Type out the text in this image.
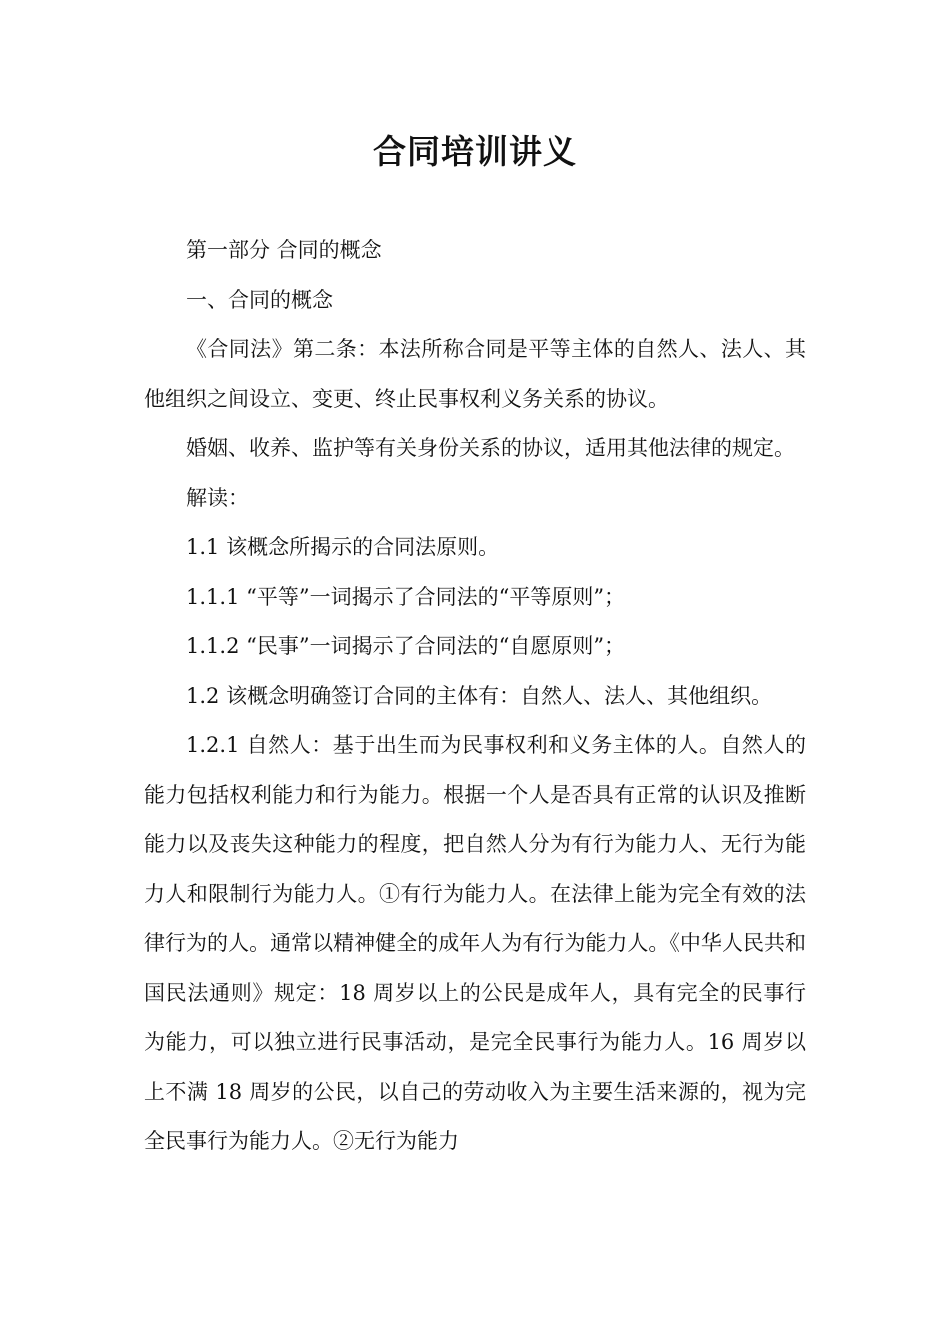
合同培训讲义

第一部分 合同的概念

一、合同的概念

《合同法》第二条：本法所称合同是平等主体的自然人、法人、其他组织之间设立、变更、终止民事权利义务关系的协议。

婚姻、收养、监护等有关身份关系的协议，适用其他法律的规定。

解读：

1.1 该概念所揭示的合同法原则。

1.1.1 “平等”一词揭示了合同法的“平等原则”；

1.1.2 “民事”一词揭示了合同法的“自愿原则”；

1.2 该概念明确签订合同的主体有：自然人、法人、其他组织。

1.2.1 自然人：基于出生而为民事权利和义务主体的人。自然人的能力包括权利能力和行为能力。根据一个人是否具有正常的认识及推断能力以及丧失这种能力的程度，把自然人分为有行为能力人、无行为能力人和限制行为能力人。①有行为能力人。在法律上能为完全有效的法律行为的人。通常以精神健全的成年人为有行为能力人。《中华人民共和国民法通则》规定：18 周岁以上的公民是成年人，具有完全的民事行为能力，可以独立进行民事活动，是完全民事行为能力人。16 周岁以上不满 18 周岁的公民，以自己的劳动收入为主要生活来源的，视为完全民事行为能力人。②无行为能力
